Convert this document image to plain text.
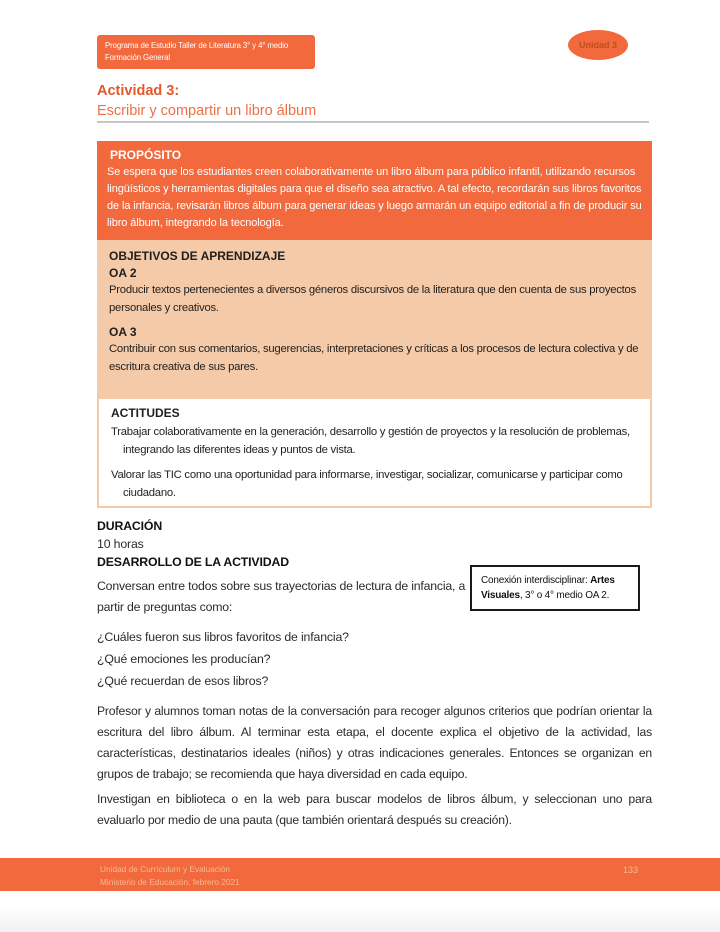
Programa de Estudio Taller de Literatura 3° y 4° medio
Formación General
Unidad 3
Actividad 3:
Escribir y compartir un libro álbum
PROPÓSITO
Se espera que los estudiantes creen colaborativamente un libro álbum para público infantil, utilizando recursos lingüísticos y herramientas digitales para que el diseño sea atractivo. A tal efecto, recordarán sus libros favoritos de la infancia, revisarán libros álbum para generar ideas y luego armarán un equipo editorial a fin de producir su libro álbum, integrando la tecnología.
OBJETIVOS DE APRENDIZAJE
OA 2
Producir textos pertenecientes a diversos géneros discursivos de la literatura que den cuenta de sus proyectos personales y creativos.
OA 3
Contribuir con sus comentarios, sugerencias, interpretaciones y críticas a los procesos de lectura colectiva y de escritura creativa de sus pares.
ACTITUDES
Trabajar colaborativamente en la generación, desarrollo y gestión de proyectos y la resolución de problemas, integrando las diferentes ideas y puntos de vista.
Valorar las TIC como una oportunidad para informarse, investigar, socializar, comunicarse y participar como ciudadano.
DURACIÓN
10 horas
DESARROLLO DE LA ACTIVIDAD
Conexión interdisciplinar: Artes Visuales, 3° o 4° medio OA 2.
Conversan entre todos sobre sus trayectorias de lectura de infancia, a partir de preguntas como:
¿Cuáles fueron sus libros favoritos de infancia?
¿Qué emociones les producían?
¿Qué recuerdan de esos libros?
Profesor y alumnos toman notas de la conversación para recoger algunos criterios que podrían orientar la escritura del libro álbum. Al terminar esta etapa, el docente explica el objetivo de la actividad, las características, destinatarios ideales (niños) y otras indicaciones generales. Entonces se organizan en grupos de trabajo; se recomienda que haya diversidad en cada equipo.
Investigan en biblioteca o en la web para buscar modelos de libros álbum, y seleccionan uno para evaluarlo por medio de una pauta (que también orientará después su creación).
Unidad de Currículum y Evaluación
Ministerio de Educación, febrero 2021
133
